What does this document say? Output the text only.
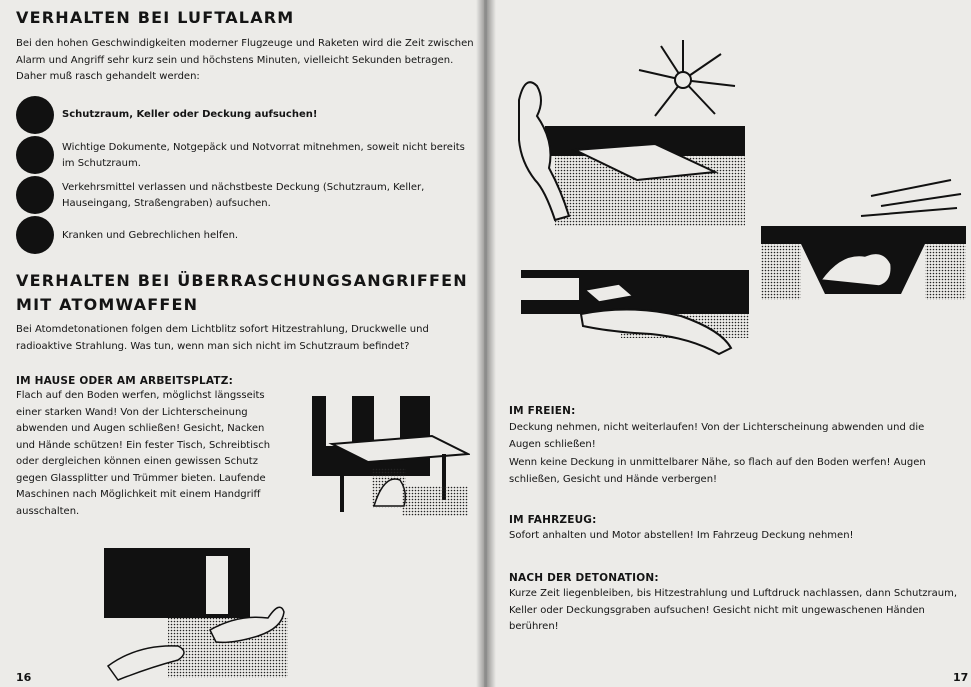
VERHALTEN BEI LUFTALARM

Bei den hohen Geschwindigkeiten moderner Flugzeuge und Raketen wird die Zeit zwischen Alarm und Angriff sehr kurz sein und höchstens Minuten, vielleicht Sekunden betragen. Daher muß rasch gehandelt werden:

Schutzraum, Keller oder Deckung aufsuchen!
Wichtige Dokumente, Notgepäck und Notvorrat mitnehmen, soweit nicht bereits im Schutzraum.
Verkehrsmittel verlassen und nächstbeste Deckung (Schutzraum, Keller, Hauseingang, Straßengraben) aufsuchen.
Kranken und Gebrechlichen helfen.
VERHALTEN BEI ÜBERRASCHUNGSANGRIFFEN
MIT ATOMWAFFEN

Bei Atomdetonationen folgen dem Lichtblitz sofort Hitzestrahlung, Druckwelle und radioaktive Strahlung. Was tun, wenn man sich nicht im Schutzraum befindet?

IM HAUSE ODER AM ARBEITSPLATZ:

Flach auf den Boden werfen, möglichst längsseits einer starken Wand! Von der Lichterscheinung abwenden und Augen schließen! Gesicht, Nacken und Hände schützen! Ein fester Tisch, Schreibtisch oder dergleichen können einen gewissen Schutz gegen Glassplitter und Trümmer bieten. Laufende Maschinen nach Möglichkeit mit einem Handgriff ausschalten.

16
IM FREIEN:

Deckung nehmen, nicht weiterlaufen! Von der Lichterscheinung abwenden und die Augen schließen!

Wenn keine Deckung in unmittelbarer Nähe, so flach auf den Boden werfen! Augen schließen, Gesicht und Hände verbergen!

IM FAHRZEUG:

Sofort anhalten und Motor abstellen! Im Fahrzeug Deckung nehmen!

NACH DER DETONATION:

Kurze Zeit liegenbleiben, bis Hitzestrahlung und Luftdruck nachlassen, dann Schutzraum, Keller oder Deckungsgraben aufsuchen! Gesicht nicht mit ungewaschenen Händen berühren!

17
